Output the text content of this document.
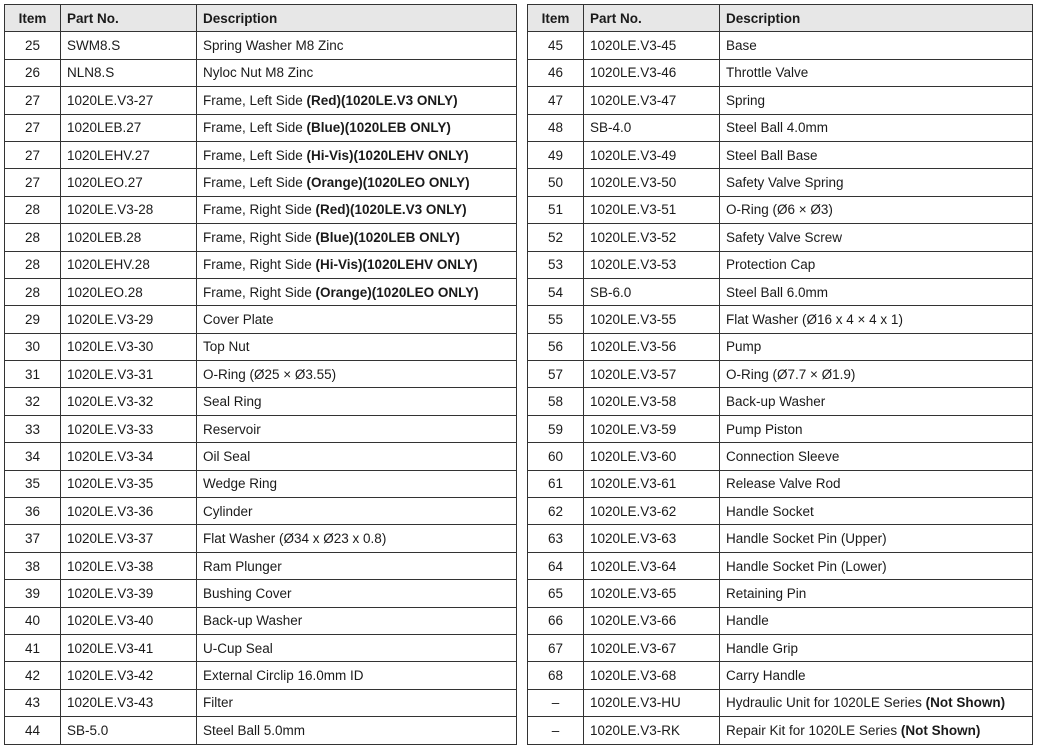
Item	Part No.	Description
25	SWM8.S	Spring Washer M8 Zinc
26	NLN8.S	Nyloc Nut M8 Zinc
27	1020LE.V3-27	Frame, Left Side (Red)(1020LE.V3 ONLY)
27	1020LEB.27	Frame, Left Side (Blue)(1020LEB ONLY)
27	1020LEHV.27	Frame, Left Side (Hi-Vis)(1020LEHV ONLY)
27	1020LEO.27	Frame, Left Side (Orange)(1020LEO ONLY)
28	1020LE.V3-28	Frame, Right Side (Red)(1020LE.V3 ONLY)
28	1020LEB.28	Frame, Right Side (Blue)(1020LEB ONLY)
28	1020LEHV.28	Frame, Right Side (Hi-Vis)(1020LEHV ONLY)
28	1020LEO.28	Frame, Right Side (Orange)(1020LEO ONLY)
29	1020LE.V3-29	Cover Plate
30	1020LE.V3-30	Top Nut
31	1020LE.V3-31	O-Ring (Ø25 × Ø3.55)
32	1020LE.V3-32	Seal Ring
33	1020LE.V3-33	Reservoir
34	1020LE.V3-34	Oil Seal
35	1020LE.V3-35	Wedge Ring
36	1020LE.V3-36	Cylinder
37	1020LE.V3-37	Flat Washer (Ø34 x Ø23 x 0.8)
38	1020LE.V3-38	Ram Plunger
39	1020LE.V3-39	Bushing Cover
40	1020LE.V3-40	Back-up Washer
41	1020LE.V3-41	U-Cup Seal
42	1020LE.V3-42	External Circlip 16.0mm ID
43	1020LE.V3-43	Filter
44	SB-5.0	Steel Ball 5.0mm
Item	Part No.	Description
45	1020LE.V3-45	Base
46	1020LE.V3-46	Throttle Valve
47	1020LE.V3-47	Spring
48	SB-4.0	Steel Ball 4.0mm
49	1020LE.V3-49	Steel Ball Base
50	1020LE.V3-50	Safety Valve Spring
51	1020LE.V3-51	O-Ring (Ø6 × Ø3)
52	1020LE.V3-52	Safety Valve Screw
53	1020LE.V3-53	Protection Cap
54	SB-6.0	Steel Ball 6.0mm
55	1020LE.V3-55	Flat Washer (Ø16 x 4 × 4 x 1)
56	1020LE.V3-56	Pump
57	1020LE.V3-57	O-Ring (Ø7.7 × Ø1.9)
58	1020LE.V3-58	Back-up Washer
59	1020LE.V3-59	Pump Piston
60	1020LE.V3-60	Connection Sleeve
61	1020LE.V3-61	Release Valve Rod
62	1020LE.V3-62	Handle Socket
63	1020LE.V3-63	Handle Socket Pin (Upper)
64	1020LE.V3-64	Handle Socket Pin (Lower)
65	1020LE.V3-65	Retaining Pin
66	1020LE.V3-66	Handle
67	1020LE.V3-67	Handle Grip
68	1020LE.V3-68	Carry Handle
–	1020LE.V3-HU	Hydraulic Unit for 1020LE Series (Not Shown)
–	1020LE.V3-RK	Repair Kit for 1020LE Series (Not Shown)
